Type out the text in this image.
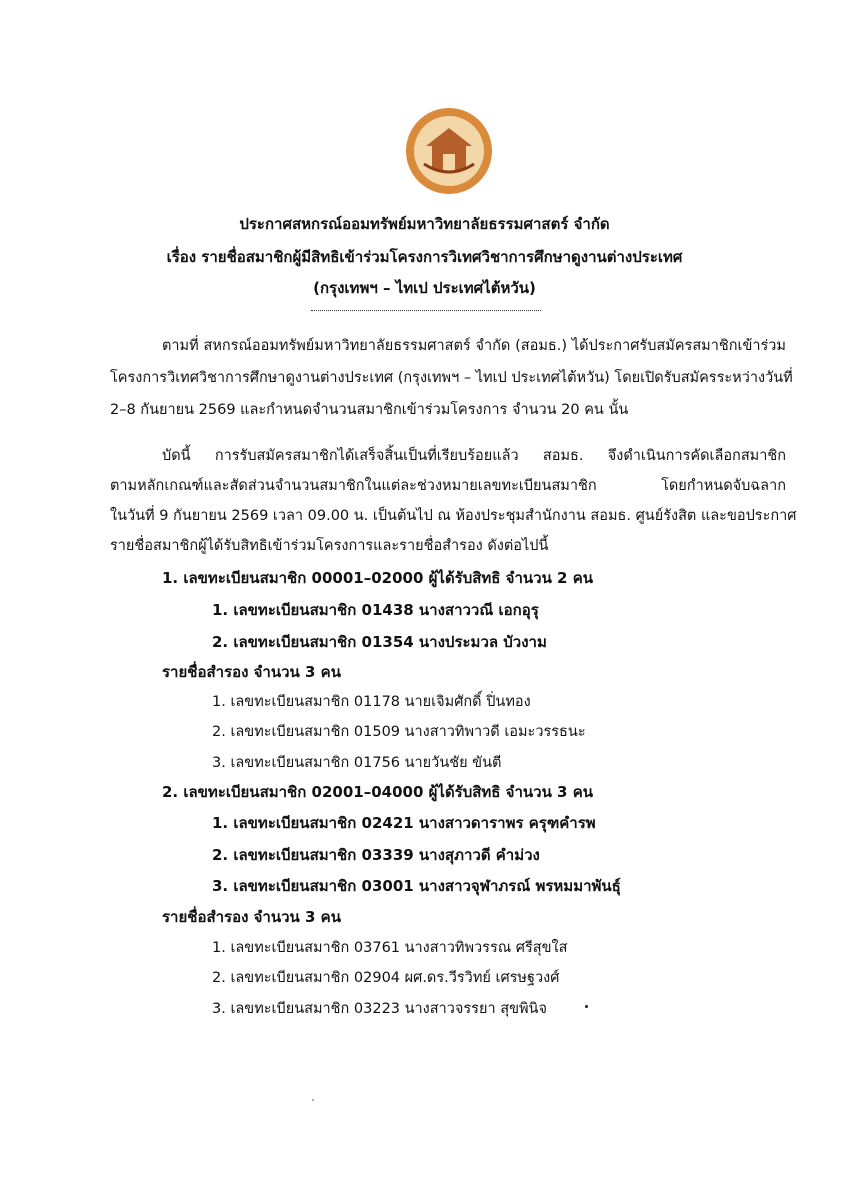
ประกาศสหกรณ์ออมทรัพย์มหาวิทยาลัยธรรมศาสตร์ จำกัด
เรื่อง รายชื่อสมาชิกผู้มีสิทธิเข้าร่วมโครงการวิเทศวิชาการศึกษาดูงานต่างประเทศ
(กรุงเทพฯ – ไทเป ประเทศไต้หวัน)
ตามที่ สหกรณ์ออมทรัพย์มหาวิทยาลัยธรรมศาสตร์ จำกัด (สอมธ.) ได้ประกาศรับสมัครสมาชิกเข้าร่วม
โครงการวิเทศวิชาการศึกษาดูงานต่างประเทศ (กรุงเทพฯ – ไทเป ประเทศไต้หวัน) โดยเปิดรับสมัครระหว่างวันที่
2–8 กันยายน 2569 และกำหนดจำนวนสมาชิกเข้าร่วมโครงการ จำนวน 20 คน นั้น
บัดนี้ การรับสมัครสมาชิกได้เสร็จสิ้นเป็นที่เรียบร้อยแล้ว สอมธ. จึงดำเนินการคัดเลือกสมาชิก
ตามหลักเกณฑ์และสัดส่วนจำนวนสมาชิกในแต่ละช่วงหมายเลขทะเบียนสมาชิก โดยกำหนดจับฉลาก
ในวันที่ 9 กันยายน 2569 เวลา 09.00 น. เป็นต้นไป ณ ห้องประชุมสำนักงาน สอมธ. ศูนย์รังสิต และขอประกาศ
รายชื่อสมาชิกผู้ได้รับสิทธิเข้าร่วมโครงการและรายชื่อสำรอง ดังต่อไปนี้
1. เลขทะเบียนสมาชิก 00001–02000 ผู้ได้รับสิทธิ จำนวน 2 คน
1. เลขทะเบียนสมาชิก 01438 นางสาววณี เอกอุรุ
2. เลขทะเบียนสมาชิก 01354 นางประมวล บัวงาม
รายชื่อสำรอง จำนวน 3 คน
1. เลขทะเบียนสมาชิก 01178 นายเจิมศักดิ์ ปิ่นทอง
2. เลขทะเบียนสมาชิก 01509 นางสาวทิพาวดี เอมะวรรธนะ
3. เลขทะเบียนสมาชิก 01756 นายวันชัย ขันตี
2. เลขทะเบียนสมาชิก 02001–04000 ผู้ได้รับสิทธิ จำนวน 3 คน
1. เลขทะเบียนสมาชิก 02421 นางสาวดาราพร ครุฑคำรพ
2. เลขทะเบียนสมาชิก 03339 นางสุภาวดี คำม่วง
3. เลขทะเบียนสมาชิก 03001 นางสาวจุฬาภรณ์ พรหมมาพันธุ์
รายชื่อสำรอง จำนวน 3 คน
1. เลขทะเบียนสมาชิก 03761 นางสาวทิพวรรณ ศรีสุขใส
2. เลขทะเบียนสมาชิก 02904 ผศ.ดร.วีรวิทย์ เศรษฐวงศ์
3. เลขทะเบียนสมาชิก 03223 นางสาวจรรยา สุขพินิจ
